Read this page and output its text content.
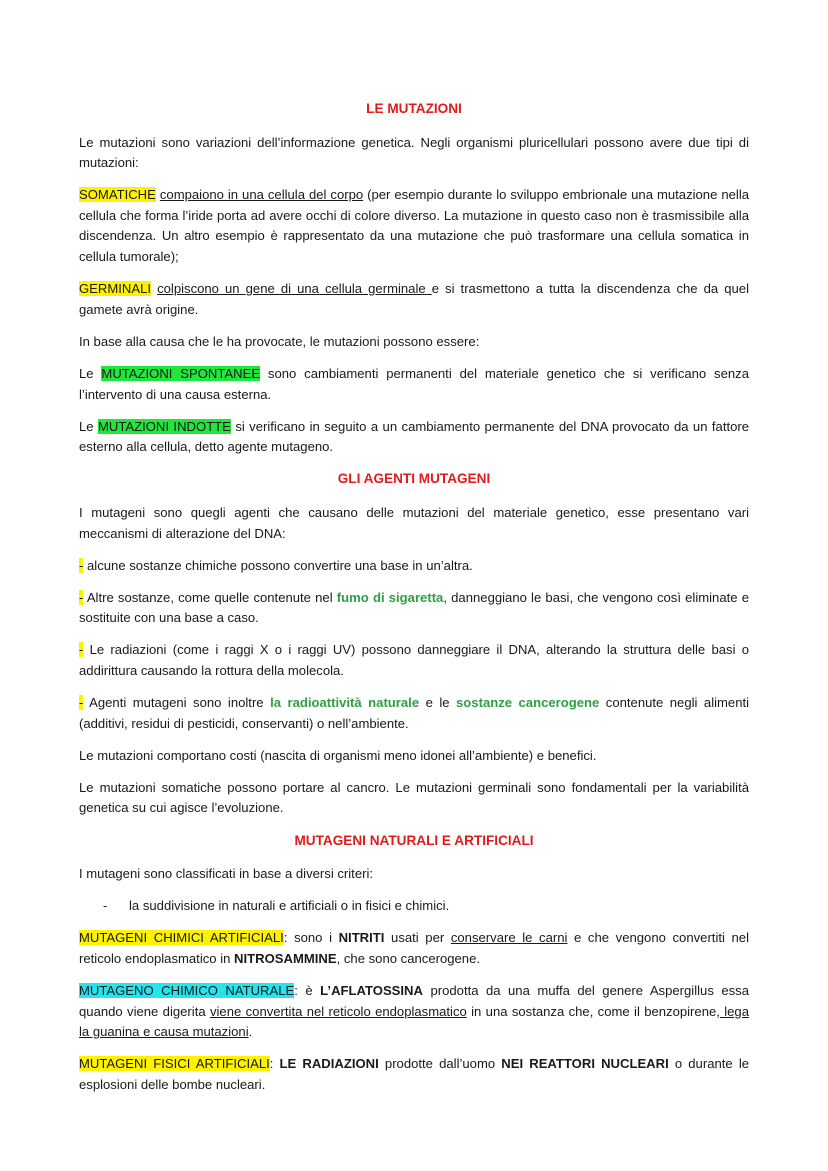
LE MUTAZIONI

Le mutazioni sono variazioni dell’informazione genetica. Negli organismi pluricellulari possono avere due tipi di mutazioni:

SOMATICHE compaiono in una cellula del corpo (per esempio durante lo sviluppo embrionale una mutazione nella cellula che forma l’iride porta ad avere occhi di colore diverso. La mutazione in questo caso non è trasmissibile alla discendenza. Un altro esempio è rappresentato da una mutazione che può trasformare una cellula somatica in cellula tumorale);

GERMINALI colpiscono un gene di una cellula germinale e si trasmettono a tutta la discendenza che da quel gamete avrà origine.

In base alla causa che le ha provocate, le mutazioni possono essere:

Le MUTAZIONI SPONTANEE sono cambiamenti permanenti del materiale genetico che si verificano senza l’intervento di una causa esterna.

Le MUTAZIONI INDOTTE si verificano in seguito a un cambiamento permanente del DNA provocato da un fattore esterno alla cellula, detto agente mutageno.

GLI AGENTI MUTAGENI

I mutageni sono quegli agenti che causano delle mutazioni del materiale genetico, esse presentano vari meccanismi di alterazione del DNA:

- alcune sostanze chimiche possono convertire una base in un’altra.

- Altre sostanze, come quelle contenute nel fumo di sigaretta, danneggiano le basi, che vengono così eliminate e sostituite con una base a caso.

- Le radiazioni (come i raggi X o i raggi UV) possono danneggiare il DNA, alterando la struttura delle basi o addirittura causando la rottura della molecola.

- Agenti mutageni sono inoltre la radioattività naturale e le sostanze cancerogene contenute negli alimenti (additivi, residui di pesticidi, conservanti) o nell’ambiente.

Le mutazioni comportano costi (nascita di organismi meno idonei all’ambiente) e benefici.

Le mutazioni somatiche possono portare al cancro. Le mutazioni germinali sono fondamentali per la variabilità genetica su cui agisce l’evoluzione.

MUTAGENI NATURALI E ARTIFICIALI

I mutageni sono classificati in base a diversi criteri:

-	la suddivisione in naturali e artificiali o in fisici e chimici.

MUTAGENI CHIMICI ARTIFICIALI: sono i NITRITI usati per conservare le carni e che vengono convertiti nel reticolo endoplasmatico in NITROSAMMINE, che sono cancerogene.

MUTAGENO CHIMICO NATURALE: è L’AFLATOSSINA prodotta da una muffa del genere Aspergillus essa quando viene digerita viene convertita nel reticolo endoplasmatico in una sostanza che, come il benzopirene, lega la guanina e causa mutazioni.

MUTAGENI FISICI ARTIFICIALI: LE RADIAZIONI prodotte dall’uomo NEI REATTORI NUCLEARI o durante le esplosioni delle bombe nucleari.
